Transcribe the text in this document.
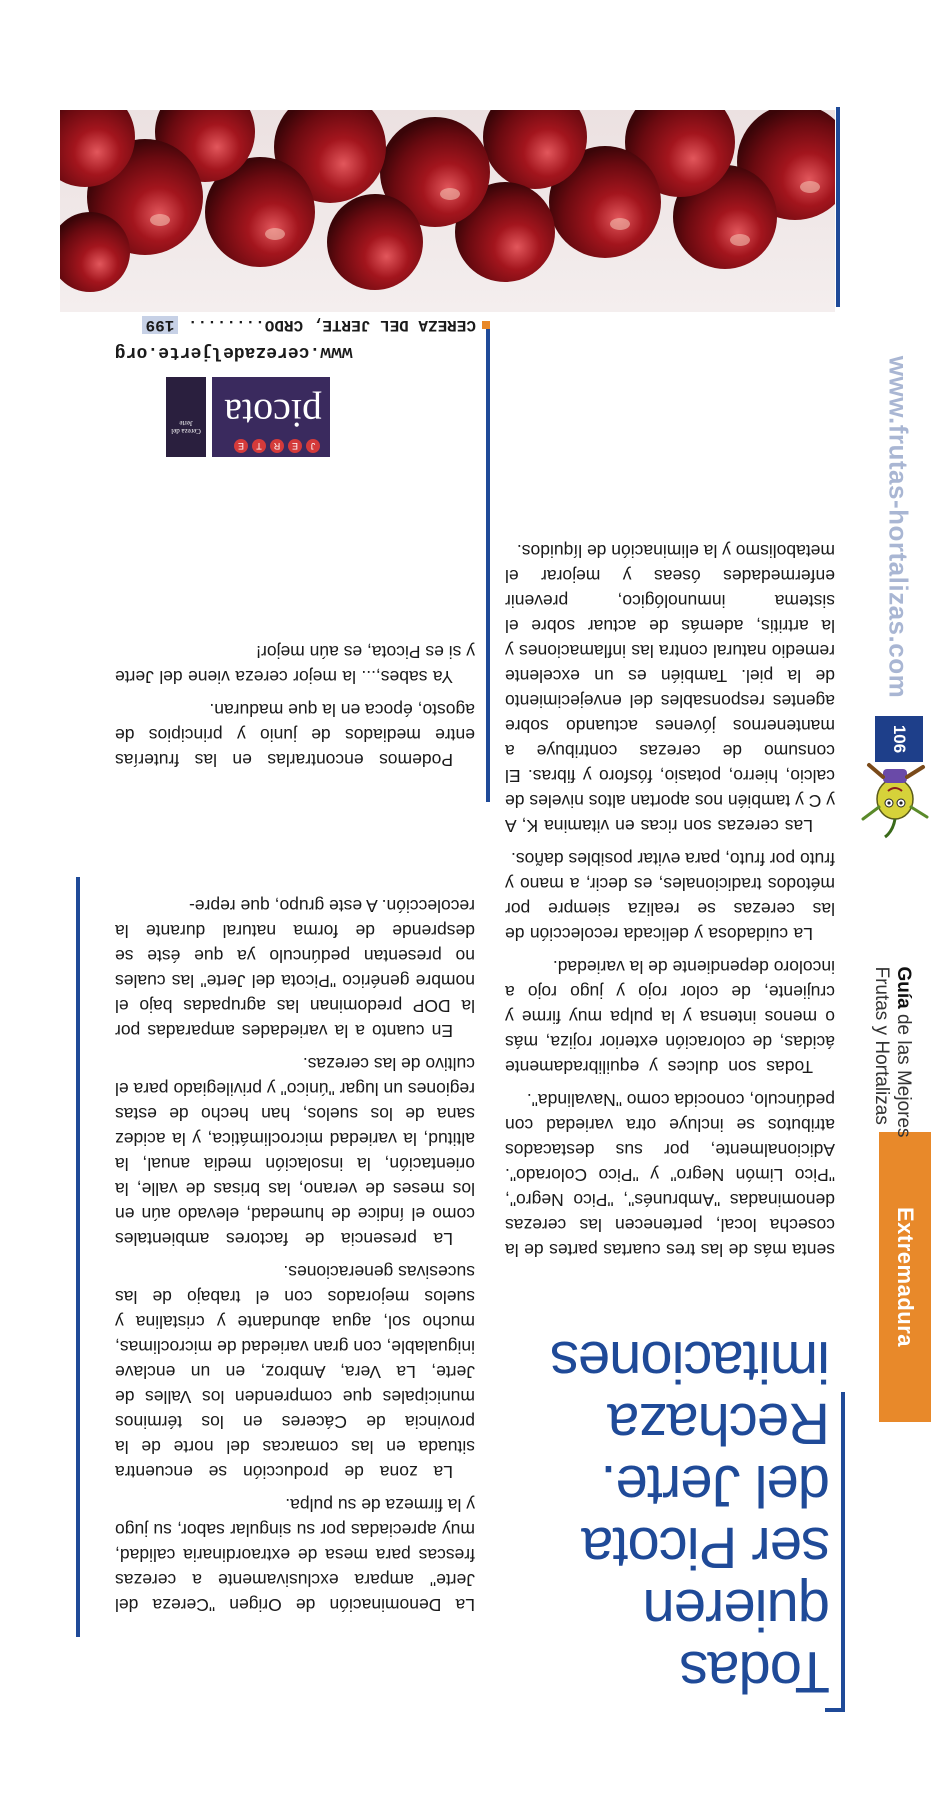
Extremadura
Guía de las Mejores
Frutas y Hortalizas
106
www.frutas-hortalizas.com
Todas quieren
ser Picota
del Jerte.
Rechaza
imitaciones

La Denominación de Origen "Cereza del Jerte" ampara exclusivamente a cerezas frescas para mesa de extraordinaria calidad, muy apreciadas por su singular sabor, su jugo y la firmeza de su pulpa.

La zona de producción se encuentra situada en las comarcas del norte de la provincia de Cáceres en los términos municipales que comprenden los Valles de Jerte, La Vera, Ambroz, en un enclave inigualable, con gran variedad de microclimas, mucho sol, agua abundante y cristalina y suelos mejorados con el trabajo de las sucesivas generaciones.

La presencia de factores ambientales como el índice de humedad, elevado aún en los meses de verano, las brisas de valle, la orientación, la insolación media anual, la altitud, la variedad microclimática, y la acidez sana de los suelos, han hecho de estas regiones un lugar "único" y privilegiado para el cultivo de las cerezas.

En cuanto a la variedades amparadas por la DOP predominan las agrupadas bajo el nombre genérico "Picota del Jerte" las cuales no presentan pedúnculo ya que éste se desprende de forma natural durante la recolección. A este grupo, que repre-

senta más de las tres cuartas partes de la cosecha local, pertenecen las cerezas denominadas "Ambrunés", "Pico Negro", "Pico Limón Negro" y "Pico Colorado". Adicionalmente, por sus destacados atributos se incluye otra variedad con pedúnculo, conocida como "Navalinda".

Todas son dulces y equilibradamente ácidas, de coloración exterior rojiza, más o menos intensa y la pulpa muy firme y crujiente, de color rojo y jugo rojo a incoloro dependiente de la variedad.

La cuidadosa y delicada recolección de las cerezas se realiza siempre por métodos tradicionales, es decir, a mano y fruto por fruto, para evitar posibles daños.

Las cerezas son ricas en vitamina K, A y C y también nos aportan altos niveles de calcio, hierro, potasio, fósforo y fibras. El consumo de cerezas contribuye a mantenernos jóvenes actuando sobre agentes responsables del envejecimiento de la piel. También es un excelente remedio natural contra las inflamaciones y la artritis, además de actuar sobre el sistema inmunológico, prevenir enfermedades óseas y mejorar el metabolismo y la eliminación de líquidos.

Podemos encontrarlas en las fruterías entre mediados de junio y principios de agosto, época en la que maduran.

Ya sabes,... la mejor cereza viene del Jerte y si es Picota, es aún mejor!

J
E
R
T
E
picota
Cereza del Jerte
www.cerezadeljerte.org
CEREZA DEL JERTE, CRDO........ 199
